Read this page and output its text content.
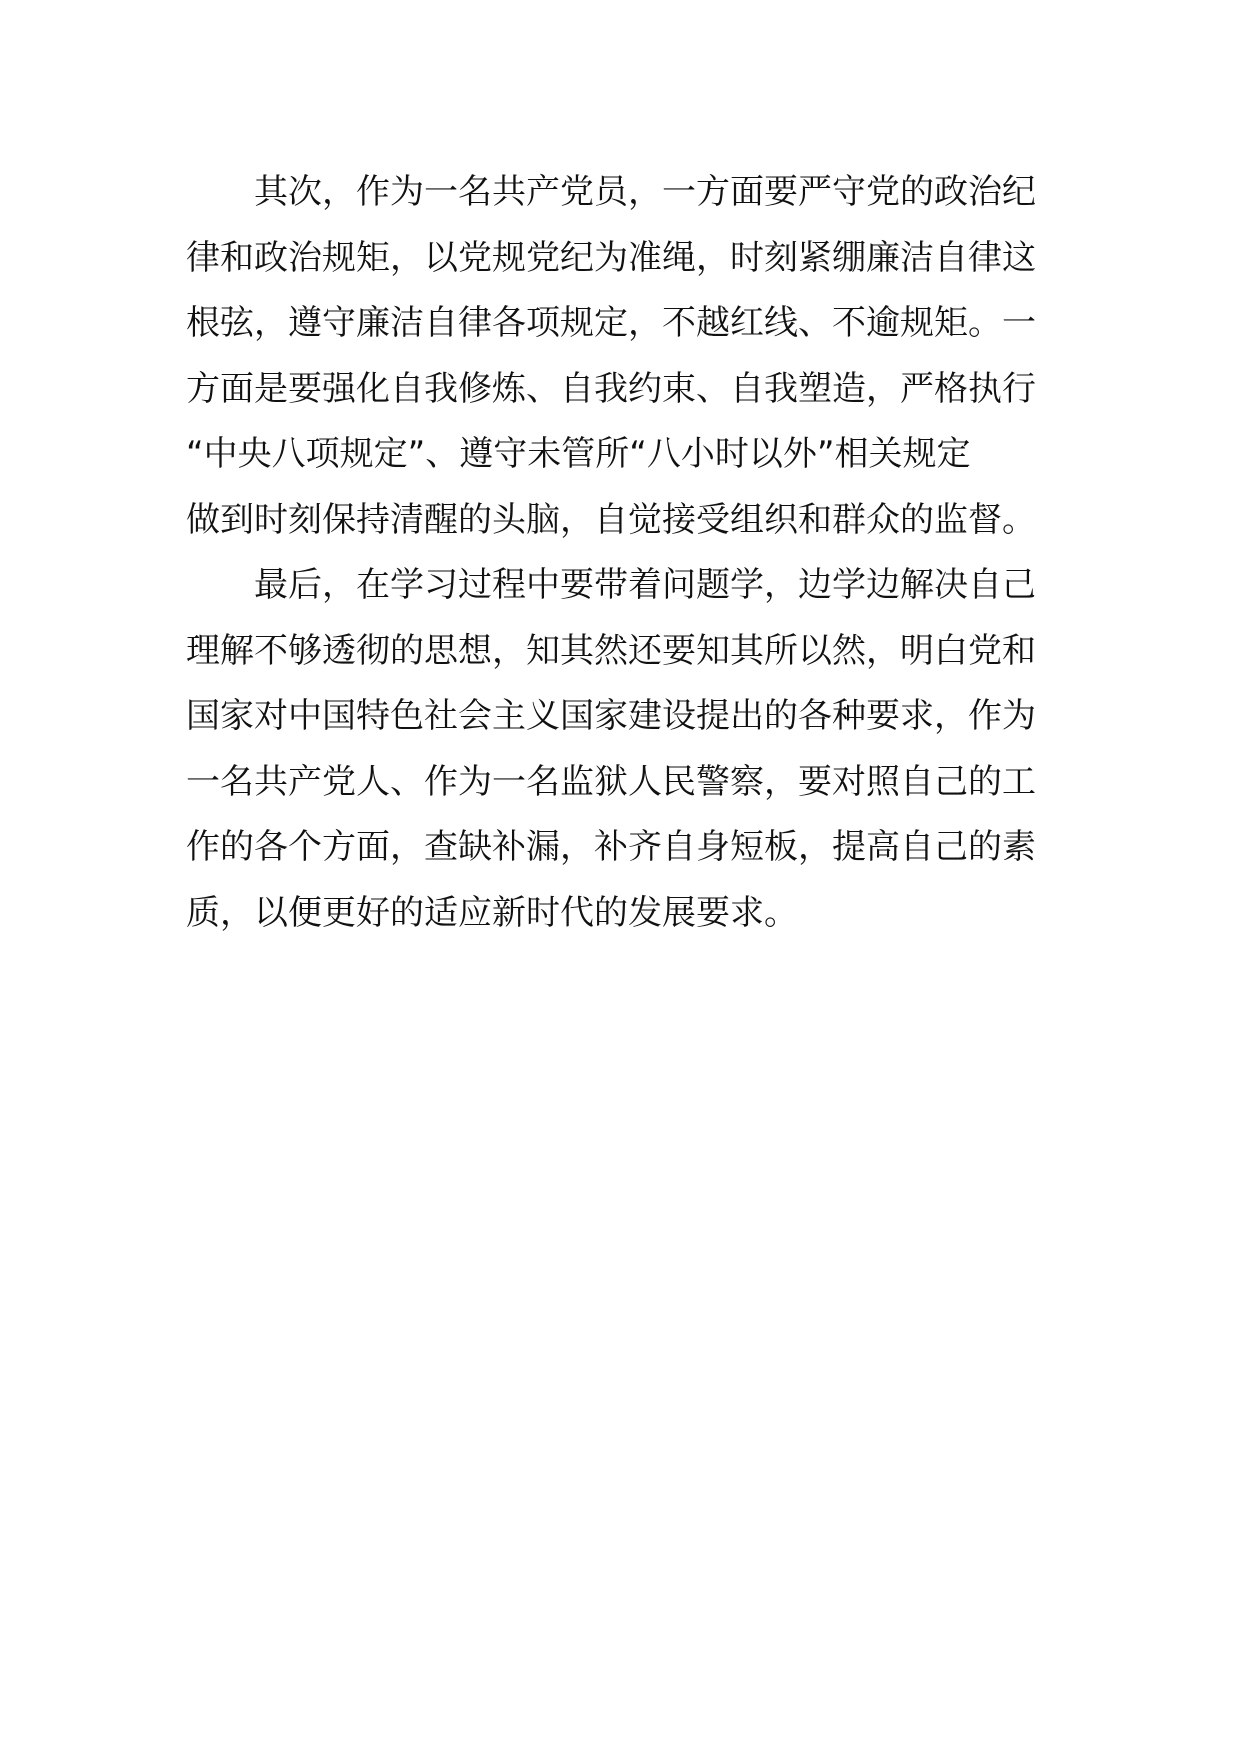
其次，作为一名共产党员，一方面要严守党的政治纪
律和政治规矩，以党规党纪为准绳，时刻紧绷廉洁自律这
根弦，遵守廉洁自律各项规定，不越红线、不逾规矩。一
方面是要强化自我修炼、自我约束、自我塑造，严格执行
“中央八项规定”、遵守未管所“八小时以外”相关规定
做到时刻保持清醒的头脑，自觉接受组织和群众的监督。
最后，在学习过程中要带着问题学，边学边解决自己
理解不够透彻的思想，知其然还要知其所以然，明白党和
国家对中国特色社会主义国家建设提出的各种要求，作为
一名共产党人、作为一名监狱人民警察，要对照自己的工
作的各个方面，查缺补漏，补齐自身短板，提高自己的素
质，以便更好的适应新时代的发展要求。
